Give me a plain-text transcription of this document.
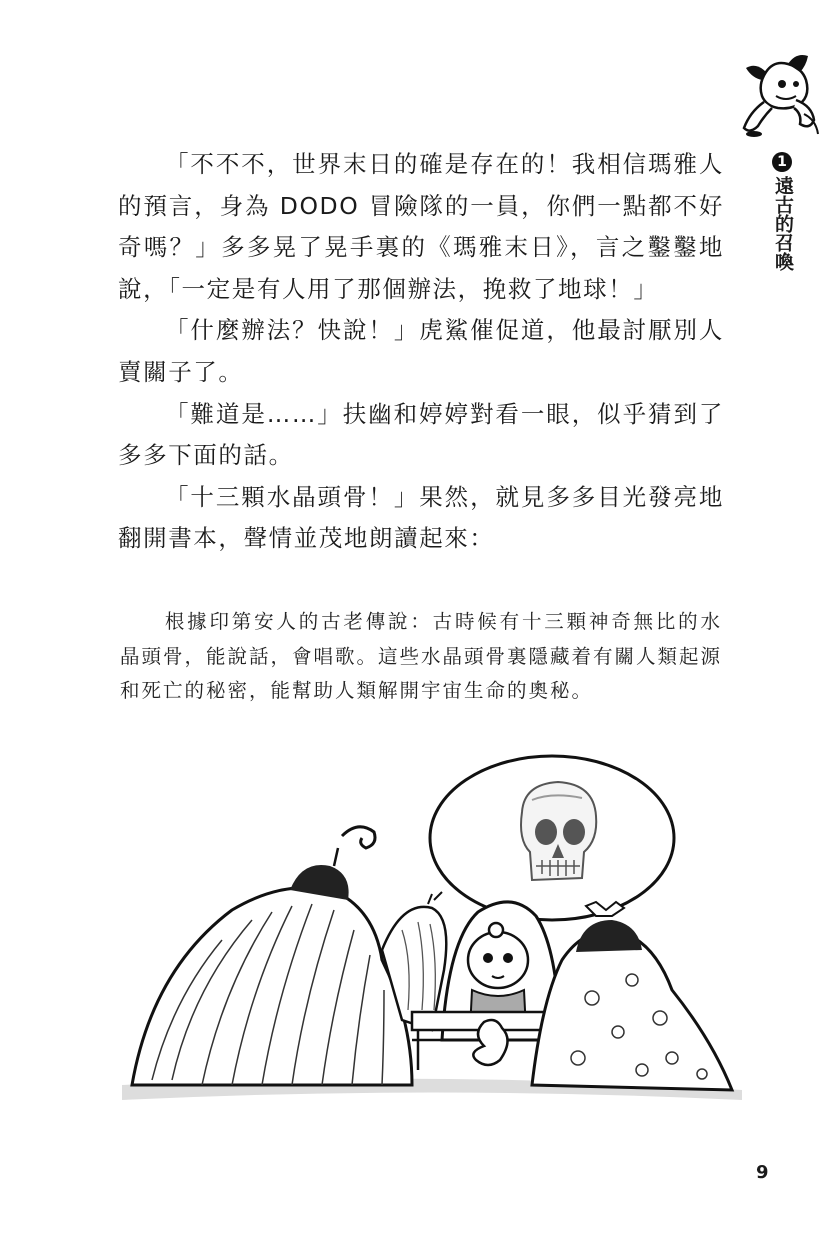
1
遠古的召喚

「不不不，世界末日的確是存在的！我相信瑪雅人的預言，身為 DODO 冒險隊的一員，你們一點都不好奇嗎？」多多晃了晃手裏的《瑪雅末日》，言之鑿鑿地說，「一定是有人用了那個辦法，挽救了地球！」

「什麼辦法？快說！」虎鯊催促道，他最討厭別人賣關子了。

「難道是……」扶幽和婷婷對看一眼，似乎猜到了多多下面的話。

「十三顆水晶頭骨！」果然，就見多多目光發亮地翻開書本，聲情並茂地朗讀起來：

根據印第安人的古老傳說：古時候有十三顆神奇無比的水晶頭骨，能說話，會唱歌。這些水晶頭骨裏隱藏着有關人類起源和死亡的秘密，能幫助人類解開宇宙生命的奧秘。
9
